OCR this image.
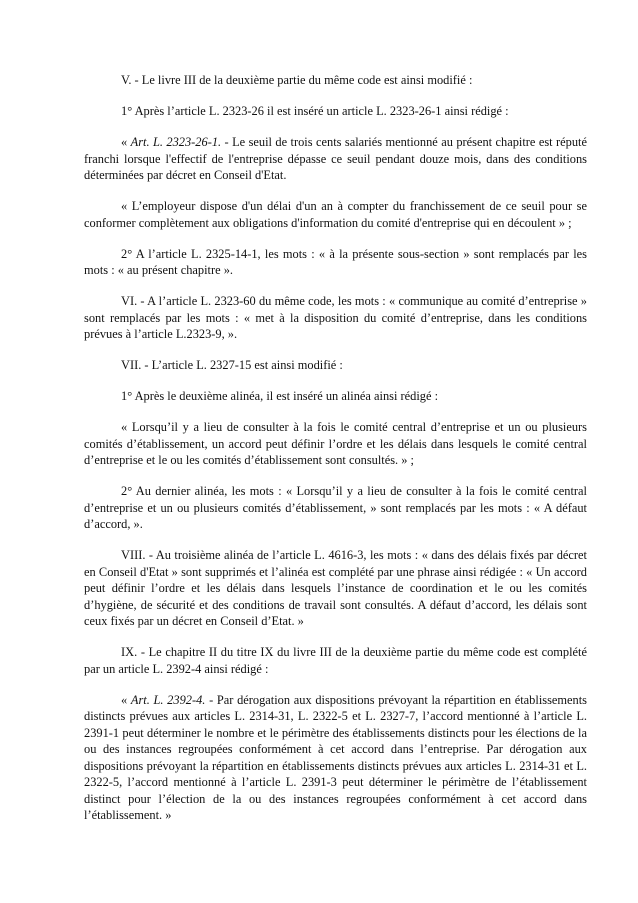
V. - Le livre III de la deuxième partie du même code est ainsi modifié :

1° Après l’article L. 2323-26 il est inséré un article L. 2323-26-1 ainsi rédigé :

« Art. L. 2323-26-1. - Le seuil de trois cents salariés mentionné au présent chapitre est réputé franchi lorsque l'effectif de l'entreprise dépasse ce seuil pendant douze mois, dans des conditions déterminées par décret en Conseil d'Etat.

« L’employeur dispose d'un délai d'un an à compter du franchissement de ce seuil pour se conformer complètement aux obligations d'information du comité d'entreprise qui en découlent » ;

2° A l’article L. 2325-14-1, les mots : « à la présente sous-section » sont remplacés par les mots : « au présent chapitre ».

VI. - A l’article L. 2323-60 du même code, les mots : « communique au comité d’entreprise » sont remplacés par les mots : « met à la disposition du comité d’entreprise, dans les conditions prévues à l’article L.2323-9, ».

VII. - L’article L. 2327-15 est ainsi modifié :

1° Après le deuxième alinéa, il est inséré un alinéa ainsi rédigé :

« Lorsqu’il y a lieu de consulter à la fois le comité central d’entreprise et un ou plusieurs comités d’établissement, un accord peut définir l’ordre et les délais dans lesquels le comité central d’entreprise et le ou les comités d’établissement sont consultés. » ;

2° Au dernier alinéa, les mots : « Lorsqu’il y a lieu de consulter à la fois le comité central d’entreprise et un ou plusieurs comités d’établissement, » sont remplacés par les mots : « A défaut d’accord, ».

VIII. - Au troisième alinéa de l’article L. 4616-3, les mots : « dans des délais fixés par décret en Conseil d'Etat » sont supprimés et l’alinéa est complété par une phrase ainsi rédigée : « Un accord peut définir l’ordre et les délais dans lesquels l’instance de coordination et le ou les comités d’hygiène, de sécurité et des conditions de travail sont consultés. A défaut d’accord, les délais sont ceux fixés par un décret en Conseil d’Etat. »

IX. - Le chapitre II du titre IX du livre III de la deuxième partie du même code est complété par un article L. 2392-4 ainsi rédigé :

« Art. L. 2392-4. - Par dérogation aux dispositions prévoyant la répartition en établissements distincts prévues aux articles L. 2314-31, L. 2322-5 et L. 2327-7, l’accord mentionné à l’article L. 2391-1 peut déterminer le nombre et le périmètre des établissements distincts pour les élections de la ou des instances regroupées conformément à cet accord dans l’entreprise. Par dérogation aux dispositions prévoyant la répartition en établissements distincts prévues aux articles L. 2314-31 et L. 2322-5, l’accord mentionné à l’article L. 2391-3 peut déterminer le périmètre de l’établissement distinct pour l’élection de la ou des instances regroupées conformément à cet accord dans l’établissement. »
